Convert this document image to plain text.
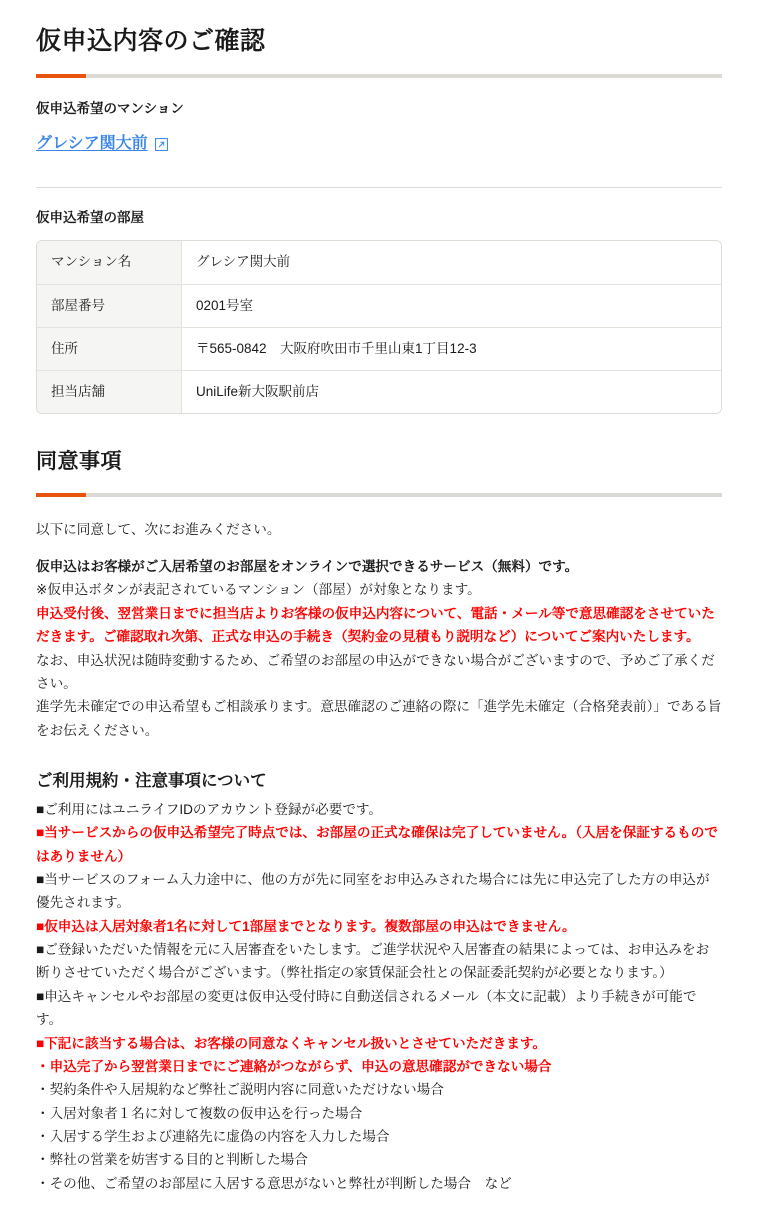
仮申込内容のご確認
仮申込希望のマンション
グレシア関大前
仮申込希望の部屋
マンション名	グレシア関大前
部屋番号	0201号室
住所	〒565-0842　大阪府吹田市千里山東1丁目12-3
担当店舗	UniLife新大阪駅前店
同意事項

以下に同意して、次にお進みください。

仮申込はお客様がご入居希望のお部屋をオンラインで選択できるサービス（無料）です。

※仮申込ボタンが表記されているマンション（部屋）が対象となります。

申込受付後、翌営業日までに担当店よりお客様の仮申込内容について、電話・メール等で意思確認をさせていただきます。ご確認取れ次第、正式な申込の手続き（契約金の見積もり説明など）についてご案内いたします。

なお、申込状況は随時変動するため、ご希望のお部屋の申込ができない場合がございますので、予めご了承ください。

進学先未確定での申込希望もご相談承ります。意思確認のご連絡の際に「進学先未確定（合格発表前）」である旨をお伝えください。

ご利用規約・注意事項について

■ご利用にはユニライフIDのアカウント登録が必要です。

■当サービスからの仮申込希望完了時点では、お部屋の正式な確保は完了していません。（入居を保証するものではありません）

■当サービスのフォーム入力途中に、他の方が先に同室をお申込みされた場合には先に申込完了した方の申込が優先されます。

■仮申込は入居対象者1名に対して1部屋までとなります。複数部屋の申込はできません。

■ご登録いただいた情報を元に入居審査をいたします。ご進学状況や入居審査の結果によっては、お申込みをお断りさせていただく場合がございます。（弊社指定の家賃保証会社との保証委託契約が必要となります。）

■申込キャンセルやお部屋の変更は仮申込受付時に自動送信されるメール（本文に記載）より手続きが可能です。

■下記に該当する場合は、お客様の同意なくキャンセル扱いとさせていただきます。

・申込完了から翌営業日までにご連絡がつながらず、申込の意思確認ができない場合

・契約条件や入居規約など弊社ご説明内容に同意いただけない場合

・入居対象者１名に対して複数の仮申込を行った場合

・入居する学生および連絡先に虚偽の内容を入力した場合

・弊社の営業を妨害する目的と判断した場合

・その他、ご希望のお部屋に入居する意思がないと弊社が判断した場合　など
